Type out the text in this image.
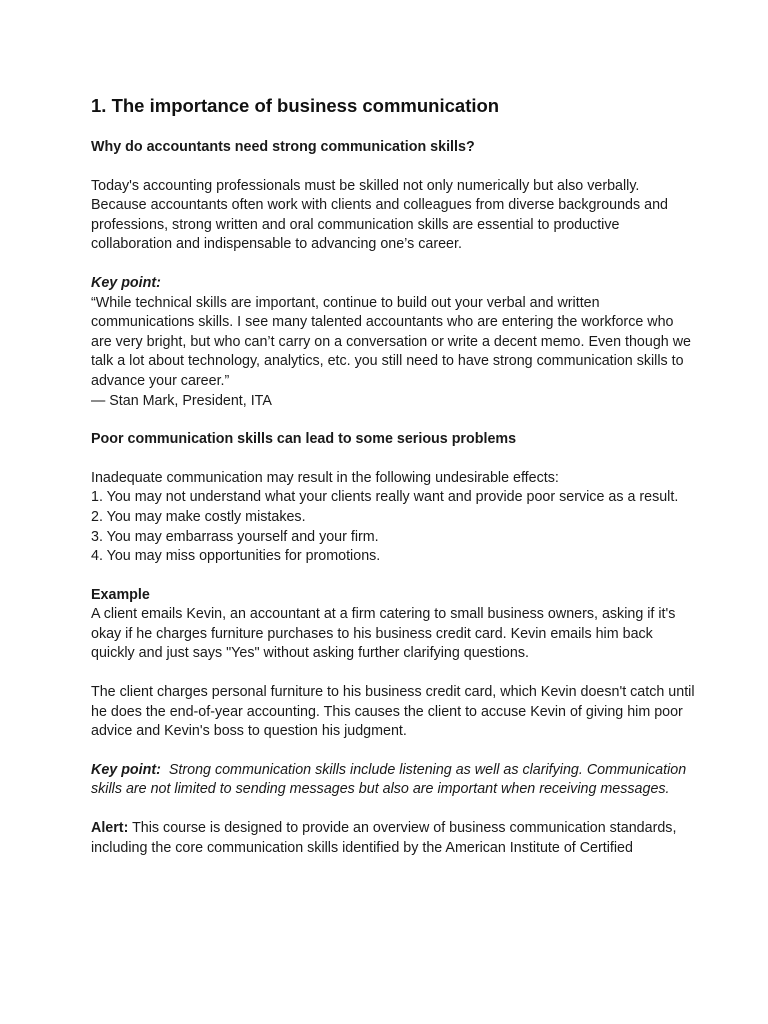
1. The importance of business communication
Why do accountants need strong communication skills?

Today's accounting professionals must be skilled not only numerically but also verbally. Because accountants often work with clients and colleagues from diverse backgrounds and professions, strong written and oral communication skills are essential to productive collaboration and indispensable to advancing one’s career.

Key point:
“While technical skills are important, continue to build out your verbal and written communications skills. I see many talented accountants who are entering the workforce who are very bright, but who can’t carry on a conversation or write a decent memo. Even though we talk a lot about technology, analytics, etc. you still need to have strong communication skills to advance your career.”
— Stan Mark, President, ITA

Poor communication skills can lead to some serious problems

Inadequate communication may result in the following undesirable effects:
1. You may not understand what your clients really want and provide poor service as a result.
2. You may make costly mistakes.
3. You may embarrass yourself and your firm.
4. You may miss opportunities for promotions.

Example
A client emails Kevin, an accountant at a firm catering to small business owners, asking if it's okay if he charges furniture purchases to his business credit card. Kevin emails him back quickly and just says "Yes" without asking further clarifying questions.

The client charges personal furniture to his business credit card, which Kevin doesn't catch until he does the end-of-year accounting. This causes the client to accuse Kevin of giving him poor advice and Kevin's boss to question his judgment.

Key point: Strong communication skills include listening as well as clarifying. Communication skills are not limited to sending messages but also are important when receiving messages.

Alert: This course is designed to provide an overview of business communication standards, including the core communication skills identified by the American Institute of Certified
